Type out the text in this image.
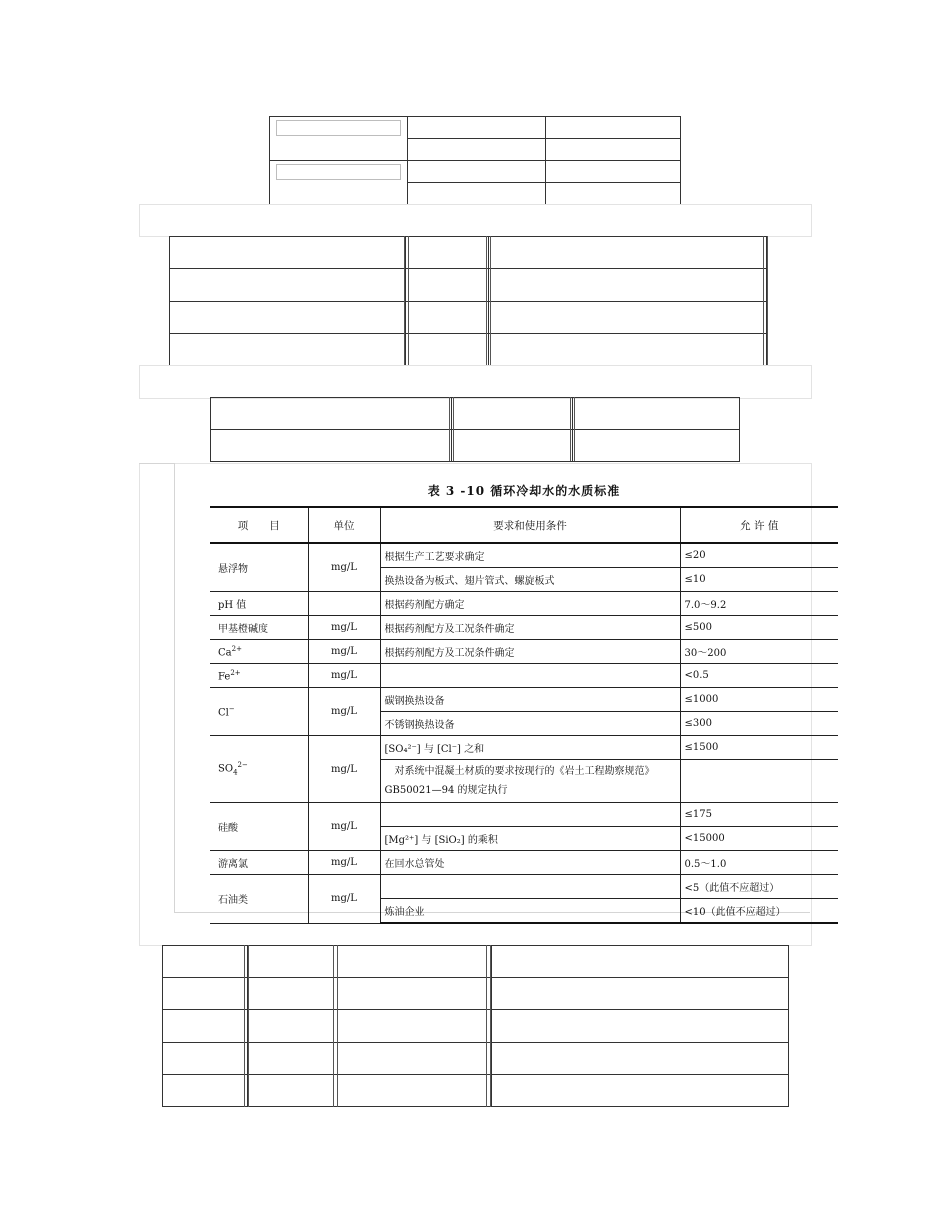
表 3 -10 循环冷却水的水质标准
项　　目	单位	要求和使用条件	允 许 值
悬浮物	mg/L	根据生产工艺要求确定	≤20
		换热设备为板式、翅片管式、螺旋板式	≤10
pH 值		根据药剂配方确定	7.0～9.2
甲基橙碱度	mg/L	根据药剂配方及工况条件确定	≤500
$Ca^{2+}$	mg/L	根据药剂配方及工况条件确定	30～200
$Fe^{2+}$	mg/L		<0.5
Cl−	mg/L	碳钢换热设备	≤1000
		不锈钢换热设备	≤300
$SO_4^{2-}$	mg/L	[SO₄²⁻] 与 [Cl⁻] 之和	≤1500
		　对系统中混凝土材质的要求按现行的《岩土工程勘察规范》GB50021—94 的规定执行	
硅酸	mg/L		≤175
		[Mg²⁺] 与 [SiO₂] 的乘积	<15000
游离氯	mg/L	在回水总管处	0.5～1.0
石油类	mg/L		<5（此值不应超过）
		炼油企业	<10（此值不应超过）
